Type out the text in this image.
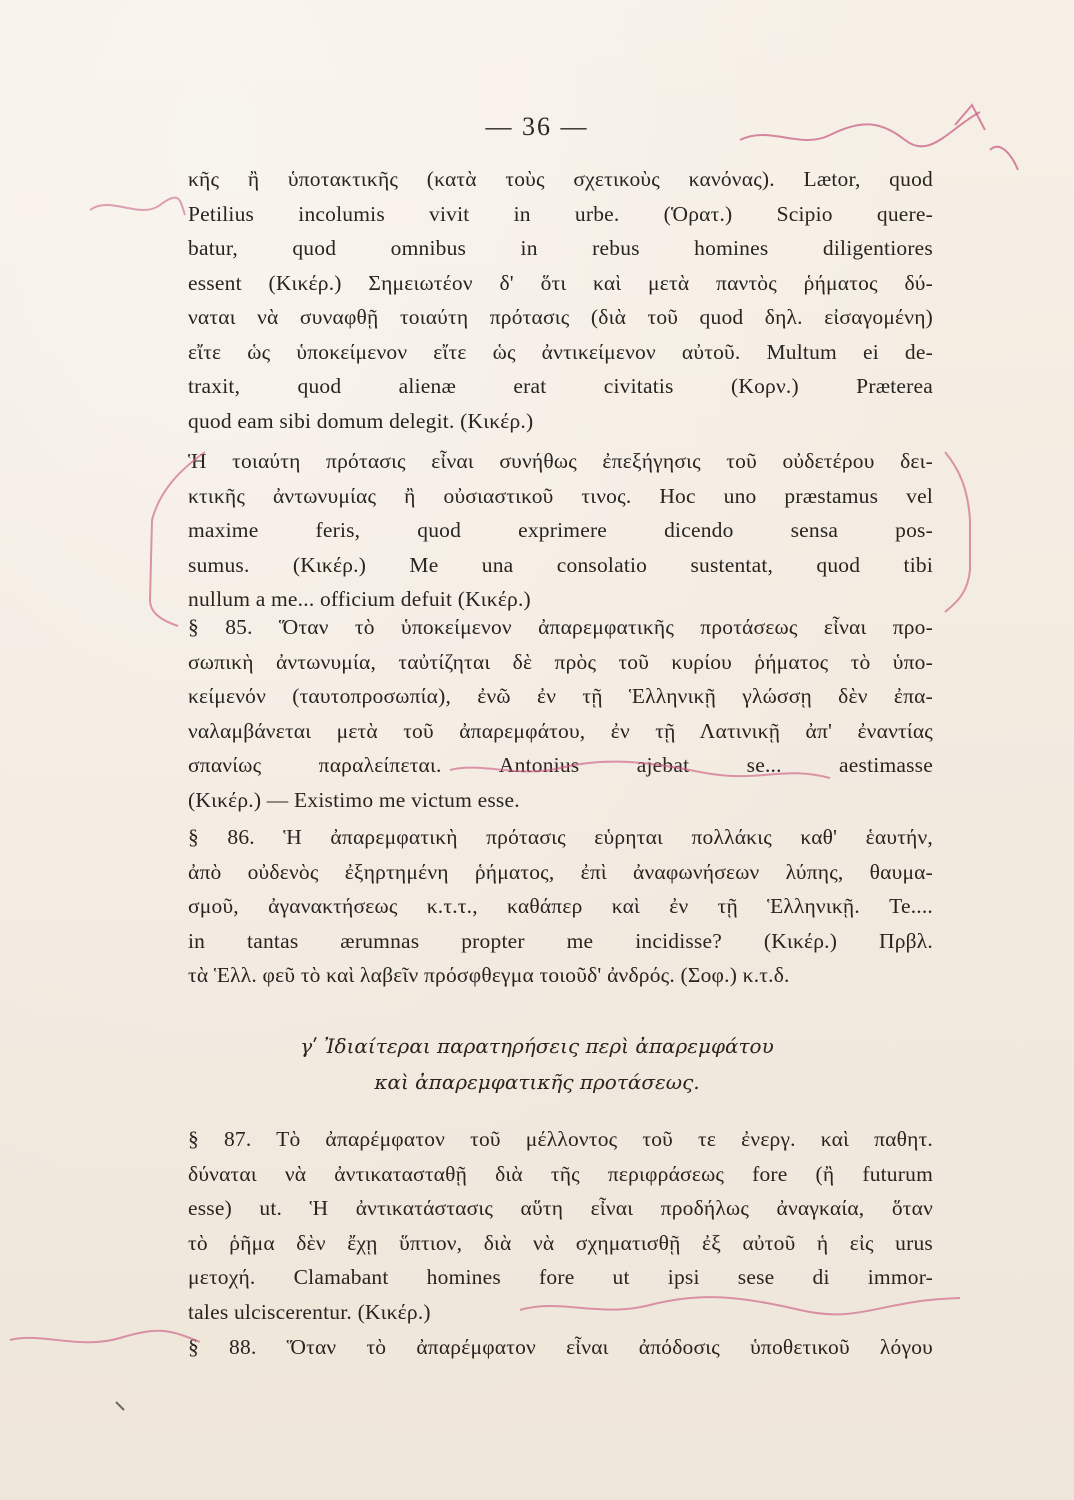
— 36 —
κῆς ἢ ὑποτακτικῆς (κατὰ τοὺς σχετικοὺς κανόνας). Lætor, quod
Petilius incolumis vivit in urbe. (Ὁρατ.) Scipio quere-
batur, quod omnibus in rebus homines diligentiores
essent (Κικέρ.) Σημειωτέον δ' ὅτι καὶ μετὰ παντὸς ῥήματος δύ-
ναται νὰ συναφθῇ τοιαύτη πρότασις (διὰ τοῦ quod δηλ. εἰσαγομένη)
εἴτε ὡς ὑποκείμενον εἴτε ὡς ἀντικείμενον αὐτοῦ. Multum ei de-
traxit, quod alienæ erat civitatis (Κορν.) Præterea
quod eam sibi domum delegit. (Κικέρ.)
Ἡ τοιαύτη πρότασις εἶναι συνήθως ἐπεξήγησις τοῦ οὐδετέρου δει-
κτικῆς ἀντωνυμίας ἢ οὐσιαστικοῦ τινος. Hoc uno præstamus vel
maxime feris, quod exprimere dicendo sensa pos-
sumus. (Κικέρ.) Me una consolatio sustentat, quod tibi
nullum a me... officium defuit (Κικέρ.)
§ 85. Ὅταν τὸ ὑποκείμενον ἀπαρεμφατικῆς προτάσεως εἶναι προ-
σωπικὴ ἀντωνυμία, ταὐτίζηται δὲ πρὸς τοῦ κυρίου ῥήματος τὸ ὑπο-
κείμενόν (ταυτοπροσωπία), ἐνῶ ἐν τῇ Ἑλληνικῇ γλώσσῃ δὲν ἐπα-
ναλαμβάνεται μετὰ τοῦ ἀπαρεμφάτου, ἐν τῇ Λατινικῇ ἀπ' ἐναντίας
σπανίως παραλείπεται. Antonius ajebat se... aestimasse
(Κικέρ.) — Existimo me victum esse.
§ 86. Ἡ ἀπαρεμφατικὴ πρότασις εὑρηται πολλάκις καθ' ἑαυτήν,
ἀπὸ οὐδενὸς ἐξηρτημένη ῥήματος, ἐπὶ ἀναφωνήσεων λύπης, θαυμα-
σμοῦ, ἀγανακτήσεως κ.τ.τ., καθάπερ καὶ ἐν τῇ Ἑλληνικῇ. Te....
in tantas ærumnas propter me incidisse? (Κικέρ.) Πρβλ.
τὰ Ἑλλ. φεῦ τὸ καὶ λαβεῖν πρόσφθεγμα τοιοῦδ' ἀνδρός. (Σοφ.) κ.τ.δ.
γʹ Ἰδιαίτεραι παρατηρήσεις περὶ ἀπαρεμφάτου
καὶ ἀπαρεμφατικῆς προτάσεως.
§ 87. Τὸ ἀπαρέμφατον τοῦ μέλλοντος τοῦ τε ἐνεργ. καὶ παθητ.
δύναται νὰ ἀντικατασταθῇ διὰ τῆς περιφράσεως fore (ἢ futurum
esse) ut. Ἡ ἀντικατάστασις αὕτη εἶναι προδήλως ἀναγκαία, ὅταν
τὸ ῥῆμα δὲν ἔχῃ ὕπτιον, διὰ νὰ σχηματισθῇ ἐξ αὐτοῦ ἡ εἰς urus
μετοχή. Clamabant homines fore ut ipsi sese di immor-
tales ulciscerentur. (Κικέρ.)
§ 88. Ὅταν τὸ ἀπαρέμφατον εἶναι ἀπόδοσις ὑποθετικοῦ λόγου
